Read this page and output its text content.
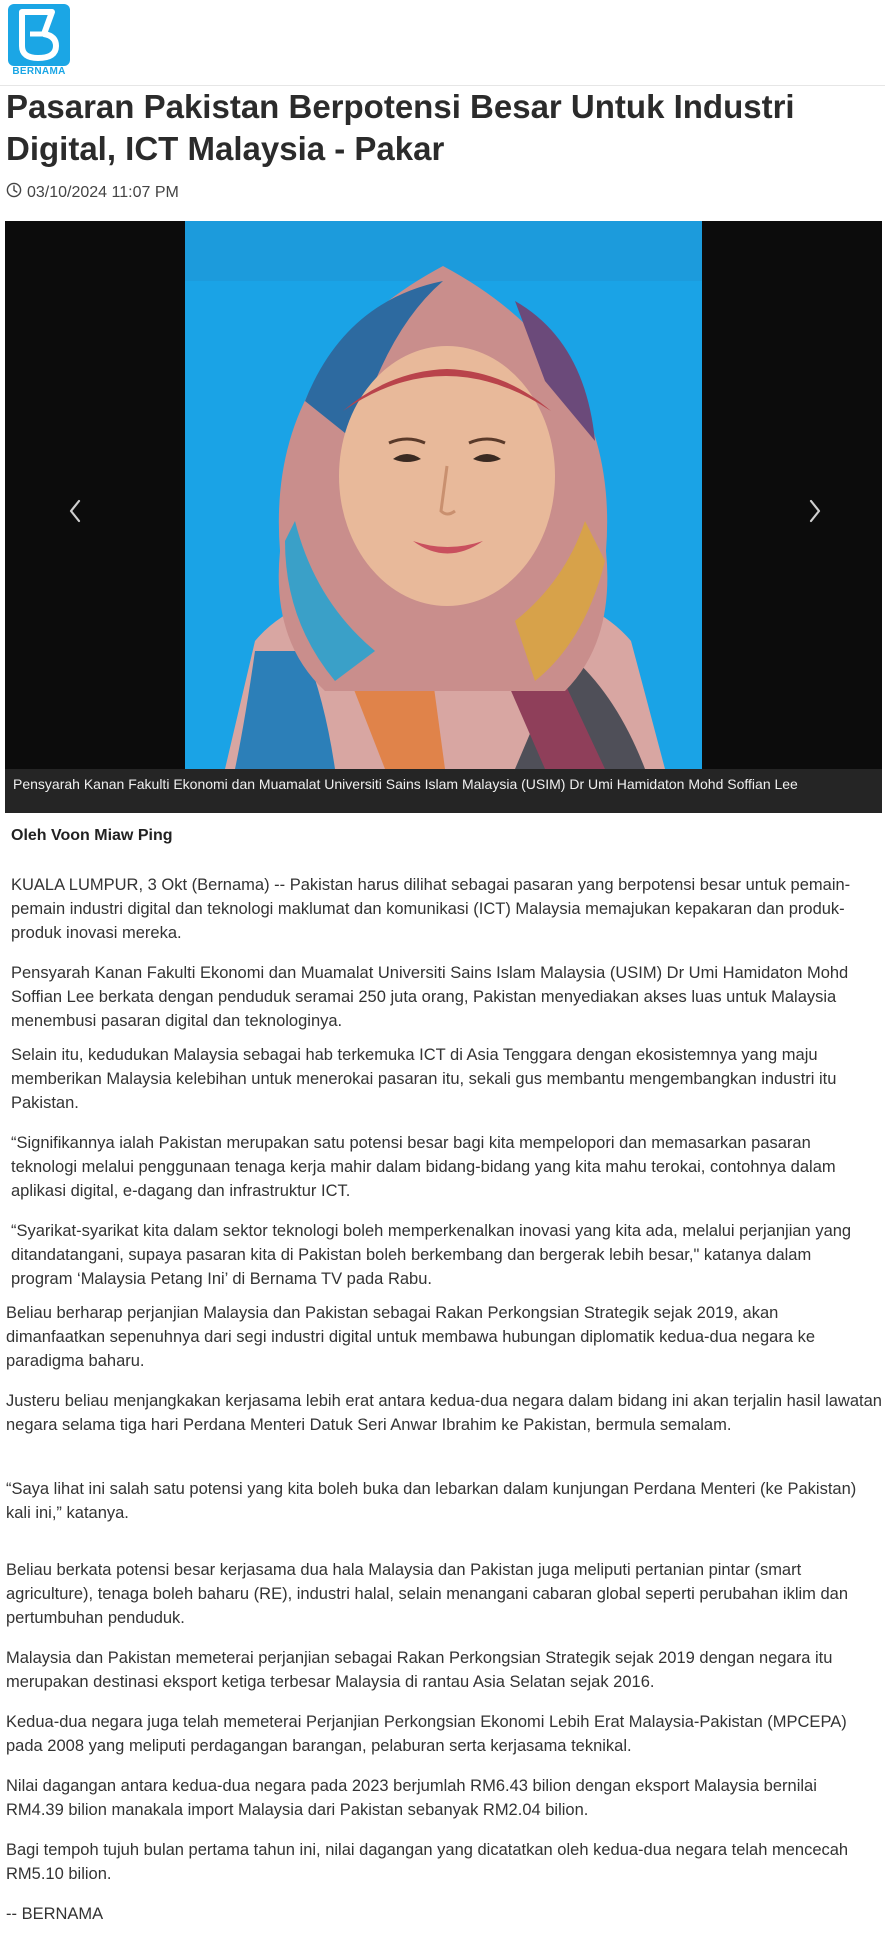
BERNAMA
Pasaran Pakistan Berpotensi Besar Untuk Industri Digital, ICT Malaysia - Pakar
03/10/2024 11:07 PM
Pensyarah Kanan Fakulti Ekonomi dan Muamalat Universiti Sains Islam Malaysia (USIM) Dr Umi Hamidaton Mohd Soffian Lee
Oleh Voon Miaw Ping

KUALA LUMPUR, 3 Okt (Bernama) -- Pakistan harus dilihat sebagai pasaran yang berpotensi besar untuk pemain-pemain industri digital dan teknologi maklumat dan komunikasi (ICT) Malaysia memajukan kepakaran dan produk-produk inovasi mereka.

Pensyarah Kanan Fakulti Ekonomi dan Muamalat Universiti Sains Islam Malaysia (USIM) Dr Umi Hamidaton Mohd Soffian Lee berkata dengan penduduk seramai 250 juta orang, Pakistan menyediakan akses luas untuk Malaysia menembusi pasaran digital dan teknologinya.

Selain itu, kedudukan Malaysia sebagai hab terkemuka ICT di Asia Tenggara dengan ekosistemnya yang maju memberikan Malaysia kelebihan untuk menerokai pasaran itu, sekali gus membantu mengembangkan industri itu Pakistan.

“Signifikannya ialah Pakistan merupakan satu potensi besar bagi kita mempelopori dan memasarkan pasaran teknologi melalui penggunaan tenaga kerja mahir dalam bidang-bidang yang kita mahu terokai, contohnya dalam aplikasi digital, e-dagang dan infrastruktur ICT.

“Syarikat-syarikat kita dalam sektor teknologi boleh memperkenalkan inovasi yang kita ada, melalui perjanjian yang ditandatangani, supaya pasaran kita di Pakistan boleh berkembang dan bergerak lebih besar," katanya dalam program ‘Malaysia Petang Ini’ di Bernama TV pada Rabu.

Beliau berharap perjanjian Malaysia dan Pakistan sebagai Rakan Perkongsian Strategik sejak 2019, akan dimanfaatkan sepenuhnya dari segi industri digital untuk membawa hubungan diplomatik kedua-dua negara ke paradigma baharu.

Justeru beliau menjangkakan kerjasama lebih erat antara kedua-dua negara dalam bidang ini akan terjalin hasil lawatan negara selama tiga hari Perdana Menteri Datuk Seri Anwar Ibrahim ke Pakistan, bermula semalam.

“Saya lihat ini salah satu potensi yang kita boleh buka dan lebarkan dalam kunjungan Perdana Menteri (ke Pakistan) kali ini,” katanya.

Beliau berkata potensi besar kerjasama dua hala Malaysia dan Pakistan juga meliputi pertanian pintar (smart agriculture), tenaga boleh baharu (RE), industri halal, selain menangani cabaran global seperti perubahan iklim dan pertumbuhan penduduk.

Malaysia dan Pakistan memeterai perjanjian sebagai Rakan Perkongsian Strategik sejak 2019 dengan negara itu merupakan destinasi eksport ketiga terbesar Malaysia di rantau Asia Selatan sejak 2016.

Kedua-dua negara juga telah memeterai Perjanjian Perkongsian Ekonomi Lebih Erat Malaysia-Pakistan (MPCEPA) pada 2008 yang meliputi perdagangan barangan, pelaburan serta kerjasama teknikal.

Nilai dagangan antara kedua-dua negara pada 2023 berjumlah RM6.43 bilion dengan eksport Malaysia bernilai RM4.39 bilion manakala import Malaysia dari Pakistan sebanyak RM2.04 bilion.

Bagi tempoh tujuh bulan pertama tahun ini, nilai dagangan yang dicatatkan oleh kedua-dua negara telah mencecah RM5.10 bilion.

-- BERNAMA
